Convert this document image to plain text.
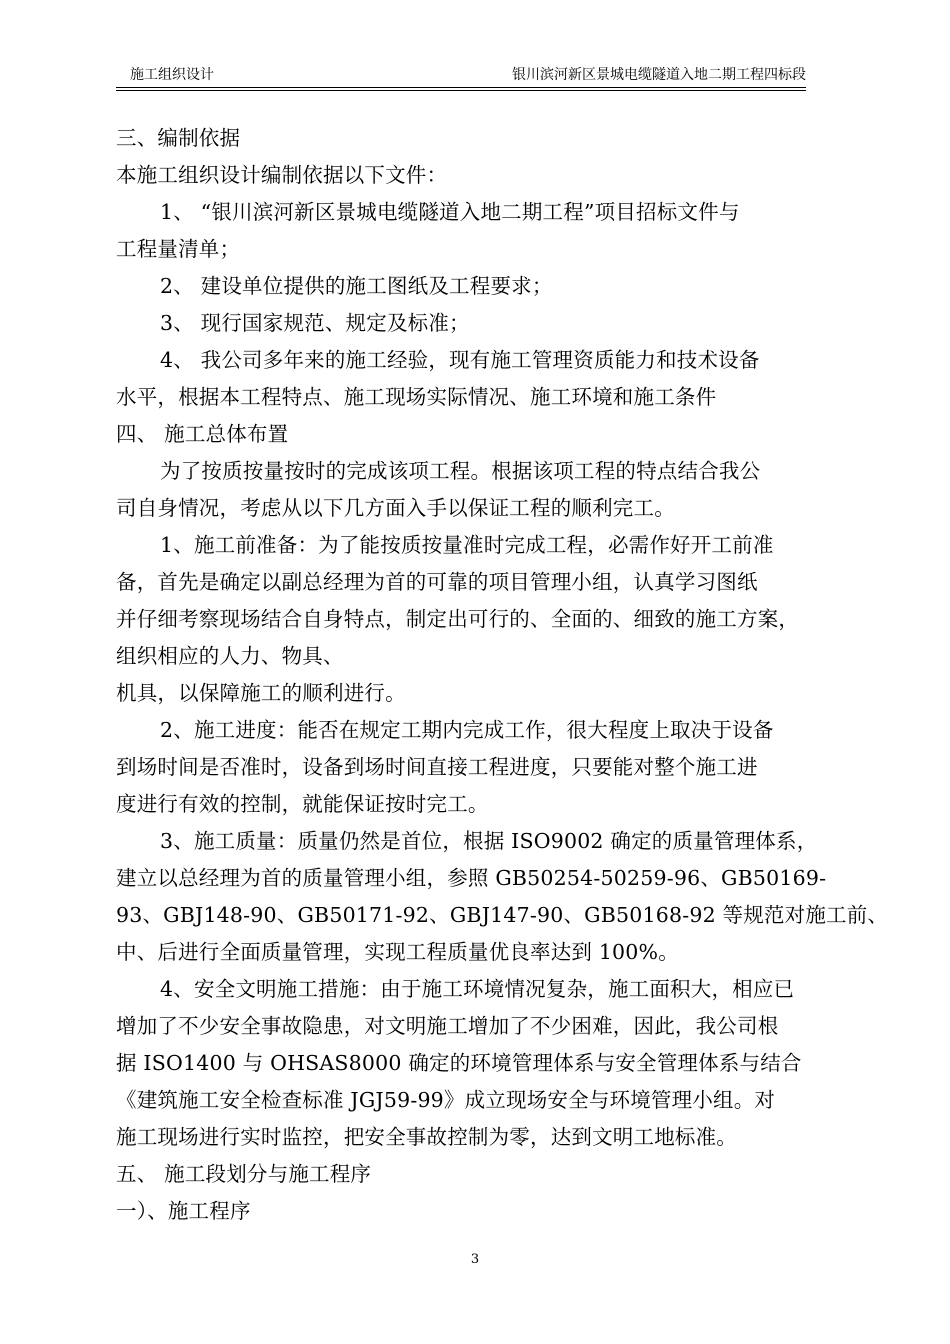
施工组织设计	银川滨河新区景城电缆隧道入地二期工程四标段
三、编制依据
本施工组织设计编制依据以下文件：
1、 “银川滨河新区景城电缆隧道入地二期工程”项目招标文件与
工程量清单；
2、 建设单位提供的施工图纸及工程要求；
3、 现行国家规范、规定及标准；
4、 我公司多年来的施工经验，现有施工管理资质能力和技术设备
水平，根据本工程特点、施工现场实际情况、施工环境和施工条件
四、 施工总体布置
为了按质按量按时的完成该项工程。根据该项工程的特点结合我公
司自身情况，考虑从以下几方面入手以保证工程的顺利完工。
1、施工前准备：为了能按质按量准时完成工程，必需作好开工前准
备，首先是确定以副总经理为首的可靠的项目管理小组，认真学习图纸
并仔细考察现场结合自身特点，制定出可行的、全面的、细致的施工方案，
组织相应的人力、物具、
机具，以保障施工的顺利进行。
2、施工进度：能否在规定工期内完成工作，很大程度上取决于设备
到场时间是否准时，设备到场时间直接工程进度，只要能对整个施工进
度进行有效的控制，就能保证按时完工。
3、施工质量：质量仍然是首位，根据 ISO9002 确定的质量管理体系，
建立以总经理为首的质量管理小组，参照 GB50254-50259-96、GB50169-
93、GBJ148-90、GB50171-92、GBJ147-90、GB50168-92 等规范对施工前、
中、后进行全面质量管理，实现工程质量优良率达到 100%。
4、安全文明施工措施：由于施工环境情况复杂，施工面积大，相应已
增加了不少安全事故隐患，对文明施工增加了不少困难，因此，我公司根
据 ISO1400 与 OHSAS8000 确定的环境管理体系与安全管理体系与结合
《建筑施工安全检查标准 JGJ59-99》成立现场安全与环境管理小组。对
施工现场进行实时监控，把安全事故控制为零，达到文明工地标准。
五、 施工段划分与施工程序
一）、施工程序
3
